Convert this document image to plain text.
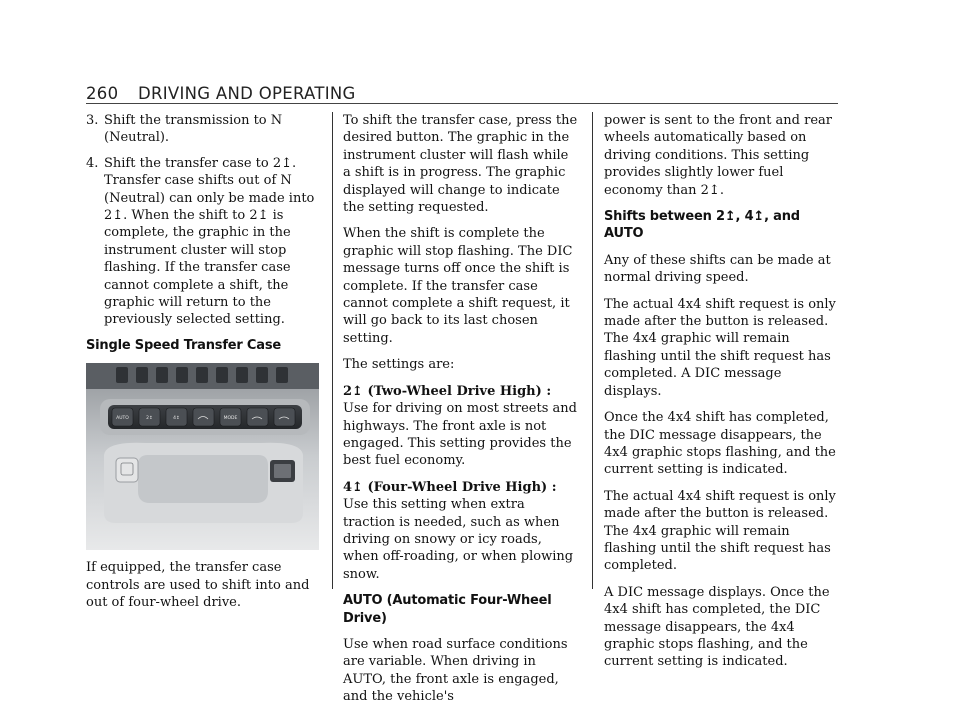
260 DRIVING AND OPERATING
3. Shift the transmission to N (Neutral).
4. Shift the transfer case to 2↥. Transfer case shifts out of N (Neutral) can only be made into 2↥. When the shift to 2↥ is complete, the graphic in the instrument cluster will stop flashing. If the transfer case cannot complete a shift, the graphic will return to the previously selected setting.
Single Speed Transfer Case
AUTO	2↥	4↥	MODE

If equipped, the transfer case controls are used to shift into and out of four-wheel drive.

To shift the transfer case, press the desired button. The graphic in the instrument cluster will flash while a shift is in progress. The graphic displayed will change to indicate the setting requested.

When the shift is complete the graphic will stop flashing. The DIC message turns off once the shift is complete. If the transfer case cannot complete a shift request, it will go back to its last chosen setting.

The settings are:

2↥ (Two-Wheel Drive High) : Use for driving on most streets and highways. The front axle is not engaged. This setting provides the best fuel economy.

4↥ (Four-Wheel Drive High) : Use this setting when extra traction is needed, such as when driving on snowy or icy roads, when off-roading, or when plowing snow.

AUTO (Automatic Four-Wheel Drive)

Use when road surface conditions are variable. When driving in AUTO, the front axle is engaged, and the vehicle's

power is sent to the front and rear wheels automatically based on driving conditions. This setting provides slightly lower fuel economy than 2↥.

Shifts between 2↥, 4↥, and AUTO

Any of these shifts can be made at normal driving speed.

The actual 4x4 shift request is only made after the button is released. The 4x4 graphic will remain flashing until the shift request has completed. A DIC message displays.

Once the 4x4 shift has completed, the DIC message disappears, the 4x4 graphic stops flashing, and the current setting is indicated.

The actual 4x4 shift request is only made after the button is released. The 4x4 graphic will remain flashing until the shift request has completed.

A DIC message displays. Once the 4x4 shift has completed, the DIC message disappears, the 4x4 graphic stops flashing, and the current setting is indicated.
